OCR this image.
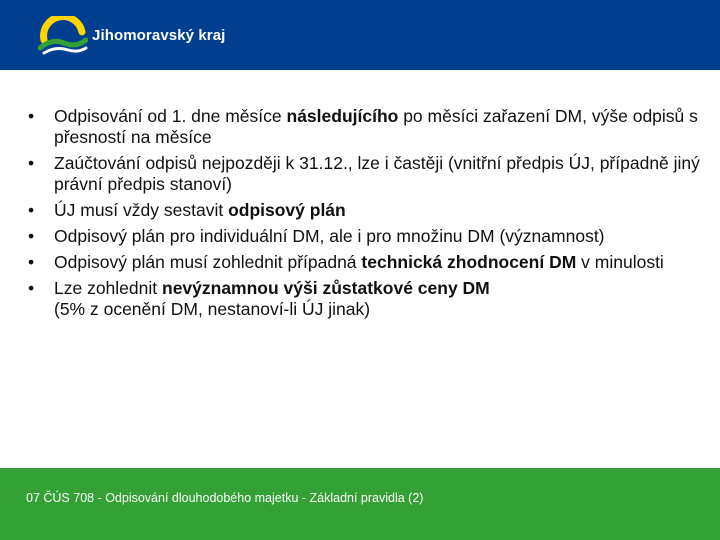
Jihomoravský kraj
• Odpisování od 1. dne měsíce následujícího po měsíci zařazení DM, výše odpisů s přesností na měsíce
• Zaúčtování odpisů nejpozději k 31.12., lze i častěji (vnitřní předpis ÚJ, případně jiný právní předpis stanoví)
• ÚJ musí vždy sestavit odpisový plán
• Odpisový plán pro individuální DM, ale i pro množinu DM (významnost)
• Odpisový plán musí zohlednit případná technická zhodnocení DM v minulosti
• Lze zohlednit nevýznamnou výši zůstatkové ceny DM
(5% z ocenění DM, nestanoví-li ÚJ jinak)
07 ČÚS 708 - Odpisování dlouhodobého majetku - Základní pravidla (2)
